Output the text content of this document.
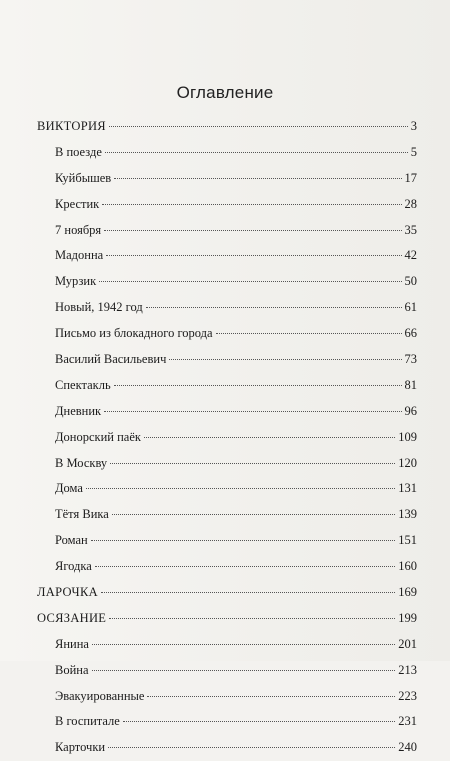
Оглавление
ВИКТОРИЯ	3
В поезде	5
Куйбышев	17
Крестик	28
7 ноября	35
Мадонна	42
Мурзик	50
Новый, 1942 год	61
Письмо из блокадного города	66
Василий Васильевич	73
Спектакль	81
Дневник	96
Донорский паёк	109
В Москву	120
Дома	131
Тётя Вика	139
Роман	151
Ягодка	160
ЛАРОЧКА	169
ОСЯЗАНИЕ	199
Янина	201
Война	213
Эвакуированные	223
В госпитале	231
Карточки	240
